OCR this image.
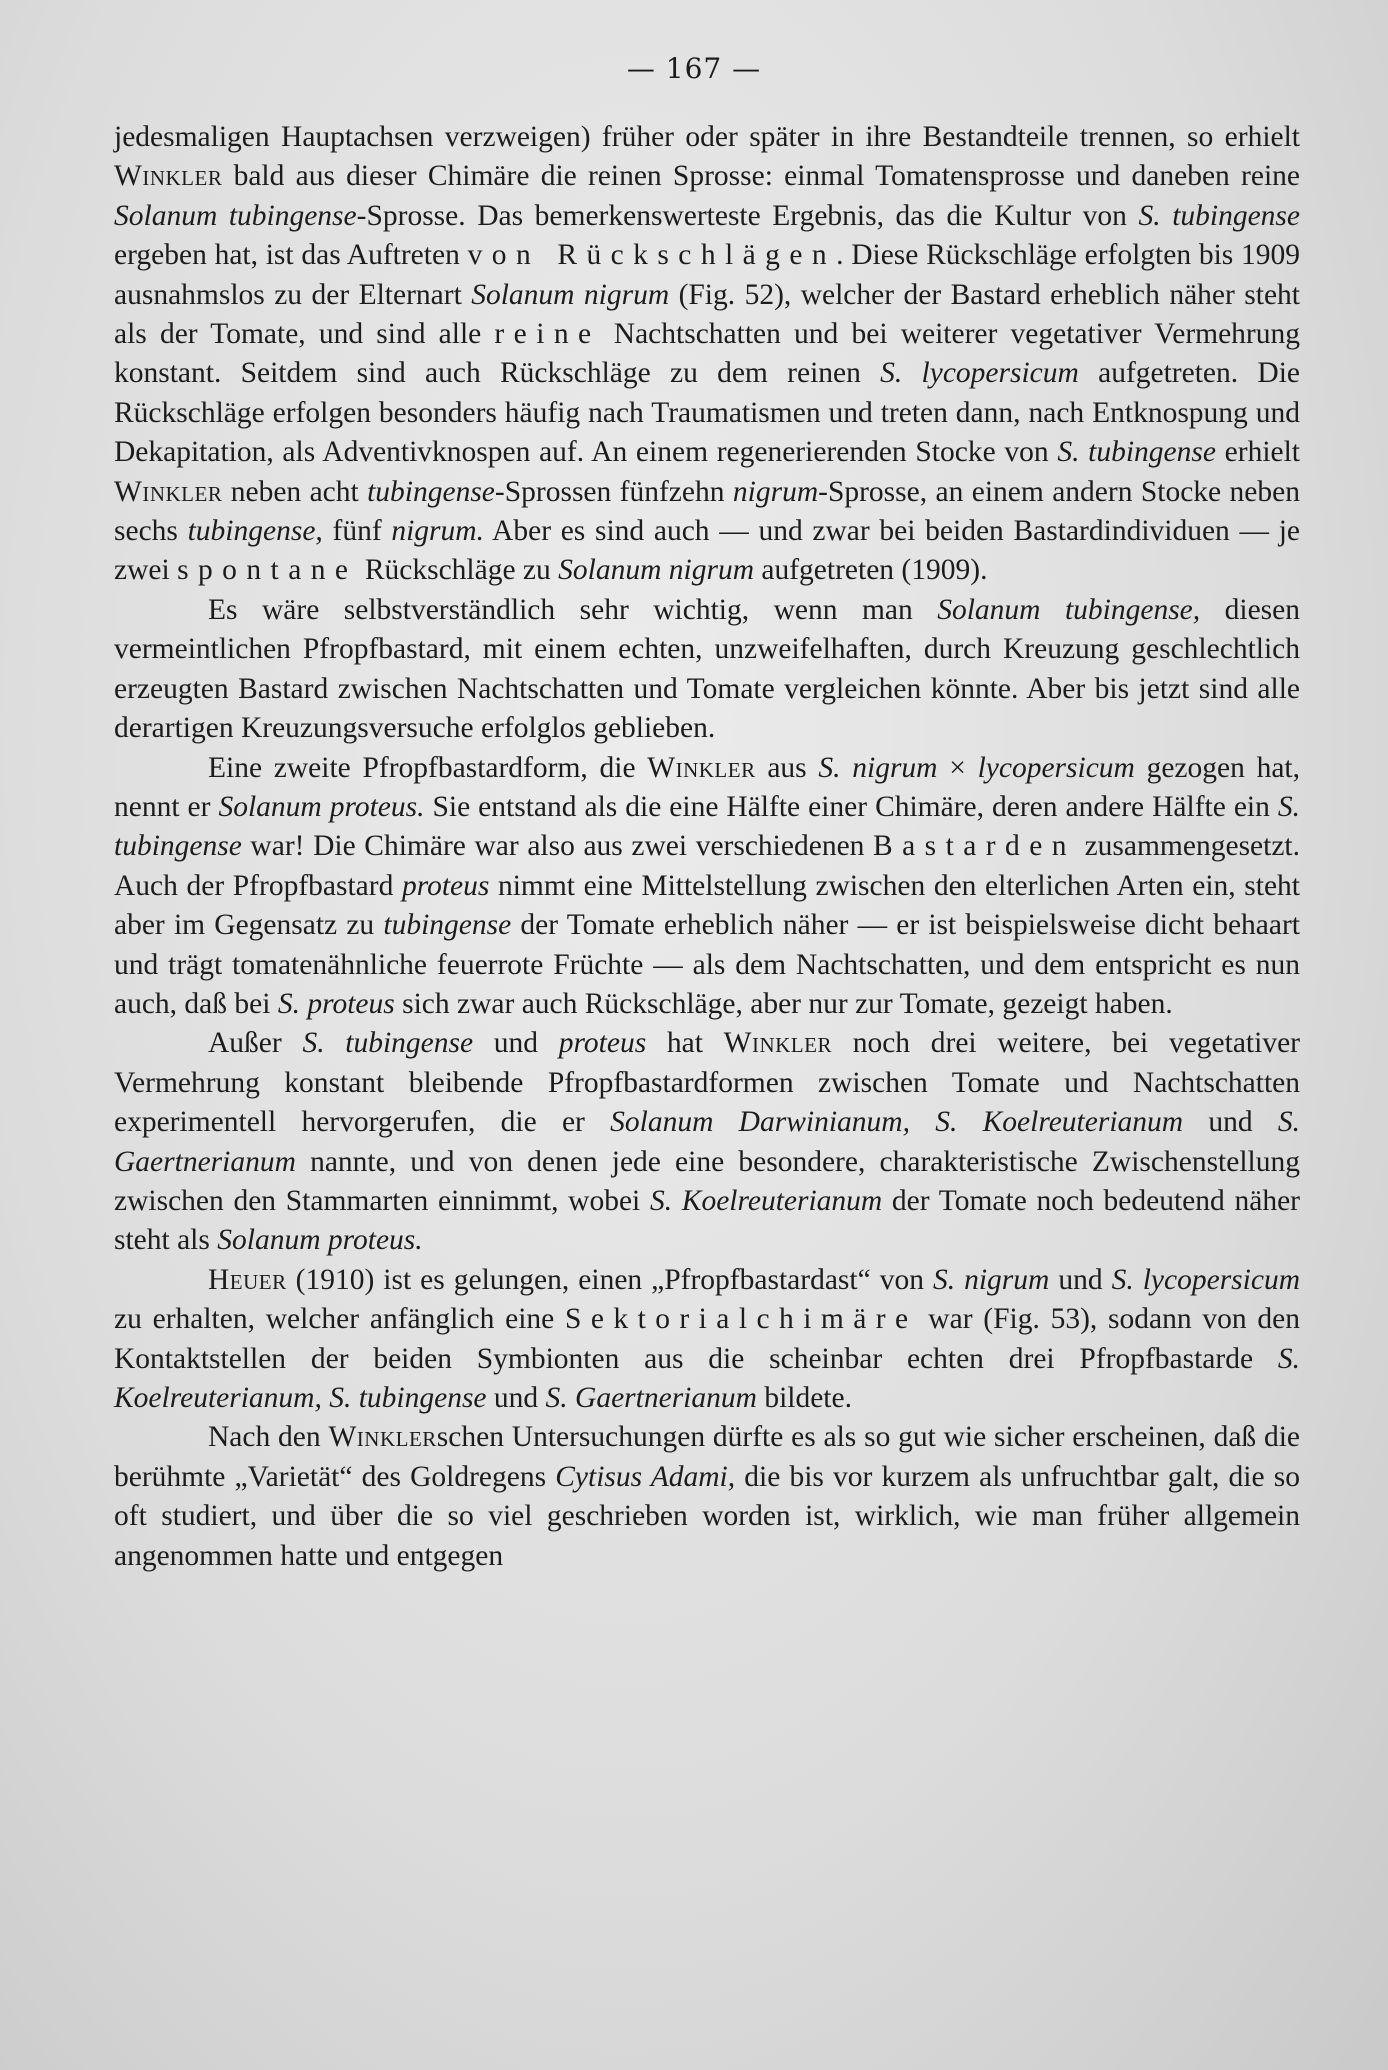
— 167 —

jedesmaligen Hauptachsen verzweigen) früher oder später in ihre Bestandteile trennen, so erhielt Winkler bald aus dieser Chimäre die reinen Sprosse: einmal Tomatensprosse und daneben reine Solanum tubingense-Sprosse. Das bemerkenswerteste Ergebnis, das die Kultur von S. tubingense ergeben hat, ist das Auftreten von Rückschlägen. Diese Rückschläge erfolgten bis 1909 ausnahmslos zu der Elternart Solanum nigrum (Fig. 52), welcher der Bastard erheblich näher steht als der Tomate, und sind alle reine Nachtschatten und bei weiterer vegetativer Vermehrung konstant. Seitdem sind auch Rückschläge zu dem reinen S. lycopersicum aufgetreten. Die Rückschläge erfolgen besonders häufig nach Traumatismen und treten dann, nach Entknospung und Dekapitation, als Adventivknospen auf. An einem regenerierenden Stocke von S. tubingense erhielt Winkler neben acht tubingense-Sprossen fünfzehn nigrum-Sprosse, an einem andern Stocke neben sechs tubingense, fünf nigrum. Aber es sind auch — und zwar bei beiden Bastardindividuen — je zwei spontane Rückschläge zu Solanum nigrum aufgetreten (1909).

Es wäre selbstverständlich sehr wichtig, wenn man Solanum tubingense, diesen vermeintlichen Pfropfbastard, mit einem echten, unzweifelhaften, durch Kreuzung geschlechtlich erzeugten Bastard zwischen Nachtschatten und Tomate vergleichen könnte. Aber bis jetzt sind alle derartigen Kreuzungsversuche erfolglos geblieben.

Eine zweite Pfropfbastardform, die Winkler aus S. nigrum × lycopersicum gezogen hat, nennt er Solanum proteus. Sie entstand als die eine Hälfte einer Chimäre, deren andere Hälfte ein S. tubingense war! Die Chimäre war also aus zwei verschiedenen Bastarden zusammengesetzt. Auch der Pfropfbastard proteus nimmt eine Mittelstellung zwischen den elterlichen Arten ein, steht aber im Gegensatz zu tubingense der Tomate erheblich näher — er ist beispielsweise dicht behaart und trägt tomatenähnliche feuerrote Früchte — als dem Nachtschatten, und dem entspricht es nun auch, daß bei S. proteus sich zwar auch Rückschläge, aber nur zur Tomate, gezeigt haben.

Außer S. tubingense und proteus hat Winkler noch drei weitere, bei vegetativer Vermehrung konstant bleibende Pfropfbastardformen zwischen Tomate und Nachtschatten experimentell hervorgerufen, die er Solanum Darwinianum, S. Koelreuterianum und S. Gaertnerianum nannte, und von denen jede eine besondere, charakteristische Zwischenstellung zwischen den Stammarten einnimmt, wobei S. Koelreuterianum der Tomate noch bedeutend näher steht als Solanum proteus.

Heuer (1910) ist es gelungen, einen „Pfropfbastardast“ von S. nigrum und S. lycopersicum zu erhalten, welcher anfänglich eine Sektorialchimäre war (Fig. 53), sodann von den Kontaktstellen der beiden Symbionten aus die scheinbar echten drei Pfropfbastarde S. Koelreuterianum, S. tubingense und S. Gaertnerianum bildete.

Nach den Winklerschen Untersuchungen dürfte es als so gut wie sicher erscheinen, daß die berühmte „Varietät“ des Goldregens Cytisus Adami, die bis vor kurzem als unfruchtbar galt, die so oft studiert, und über die so viel geschrieben worden ist, wirklich, wie man früher allgemein angenommen hatte und entgegen
